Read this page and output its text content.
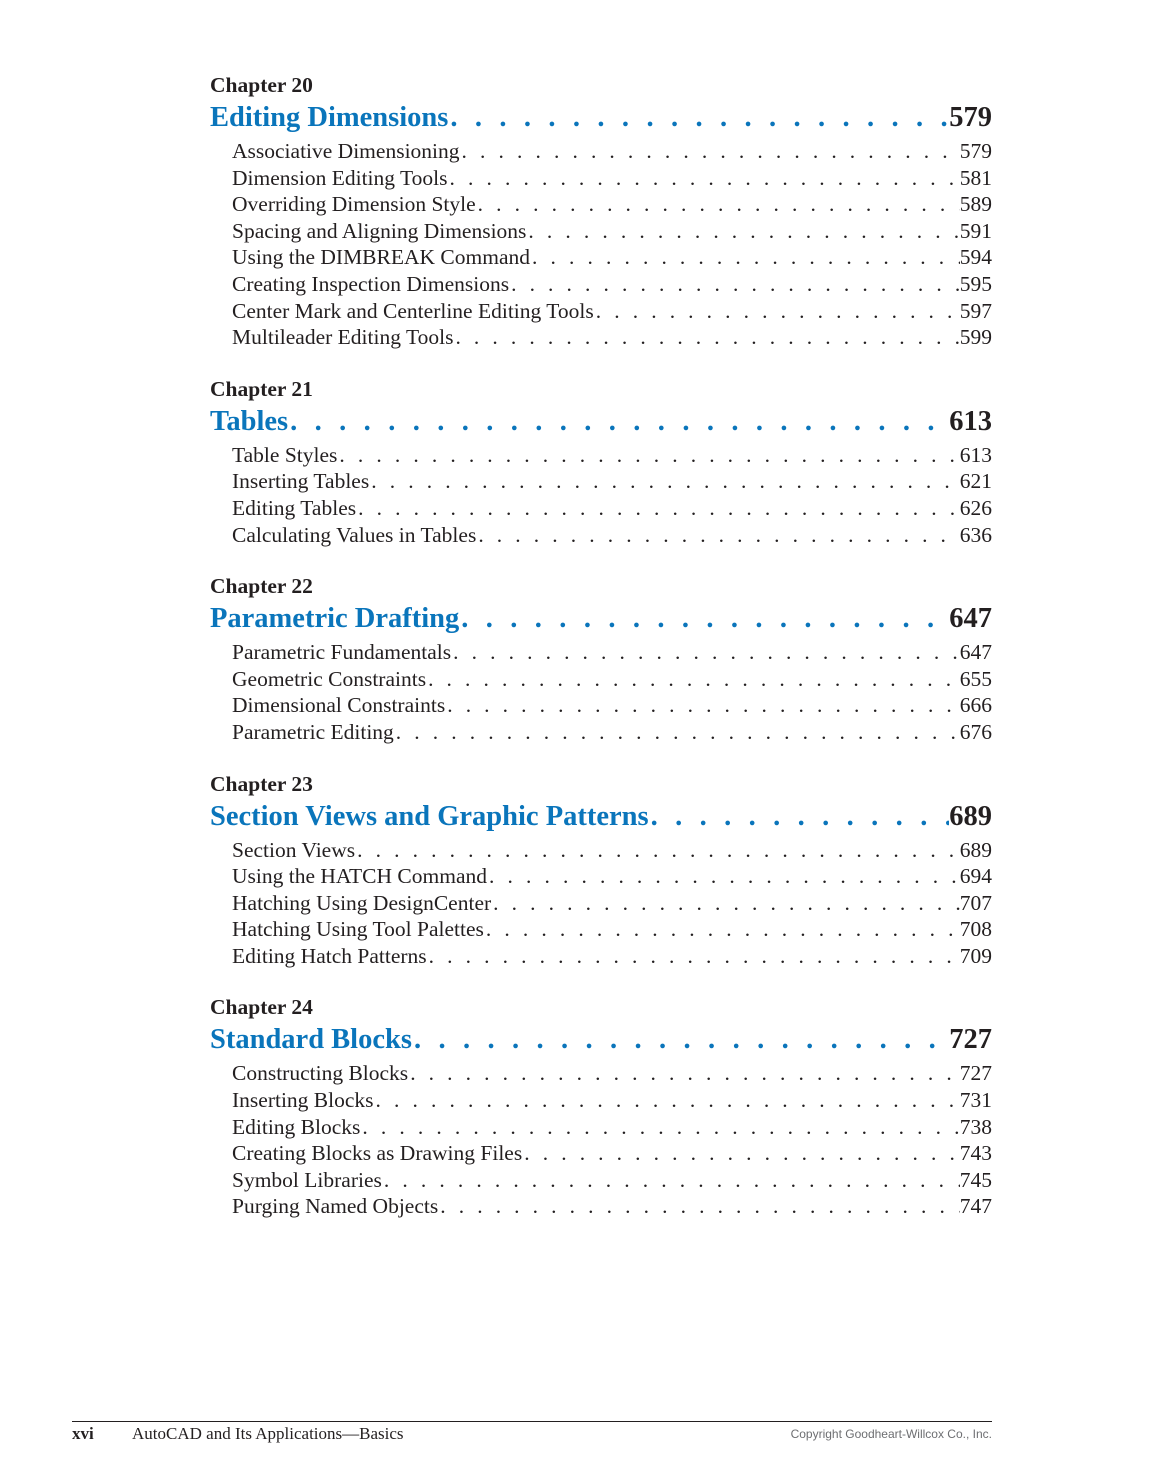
Chapter 20
Editing Dimensions . . .	579
Associative Dimensioning . . .	579
Dimension Editing Tools . . .	581
Overriding Dimension Style . . .	589
Spacing and Aligning Dimensions . . .	591
Using the DIMBREAK Command . . .	594
Creating Inspection Dimensions . . .	595
Center Mark and Centerline Editing Tools . . .	597
Multileader Editing Tools . . .	599
Chapter 21
Tables . . .	613
Table Styles . . .	613
Inserting Tables . . .	621
Editing Tables . . .	626
Calculating Values in Tables . . .	636
Chapter 22
Parametric Drafting . . .	647
Parametric Fundamentals . . .	647
Geometric Constraints . . .	655
Dimensional Constraints . . .	666
Parametric Editing . . .	676
Chapter 23
Section Views and Graphic Patterns . . .	689
Section Views . . .	689
Using the HATCH Command . . .	694
Hatching Using DesignCenter . . .	707
Hatching Using Tool Palettes . . .	708
Editing Hatch Patterns . . .	709
Chapter 24
Standard Blocks . . .	727
Constructing Blocks . . .	727
Inserting Blocks . . .	731
Editing Blocks . . .	738
Creating Blocks as Drawing Files . . .	743
Symbol Libraries . . .	745
Purging Named Objects . . .	747
xvi AutoCAD and Its Applications—Basics	Copyright Goodheart-Willcox Co., Inc.
